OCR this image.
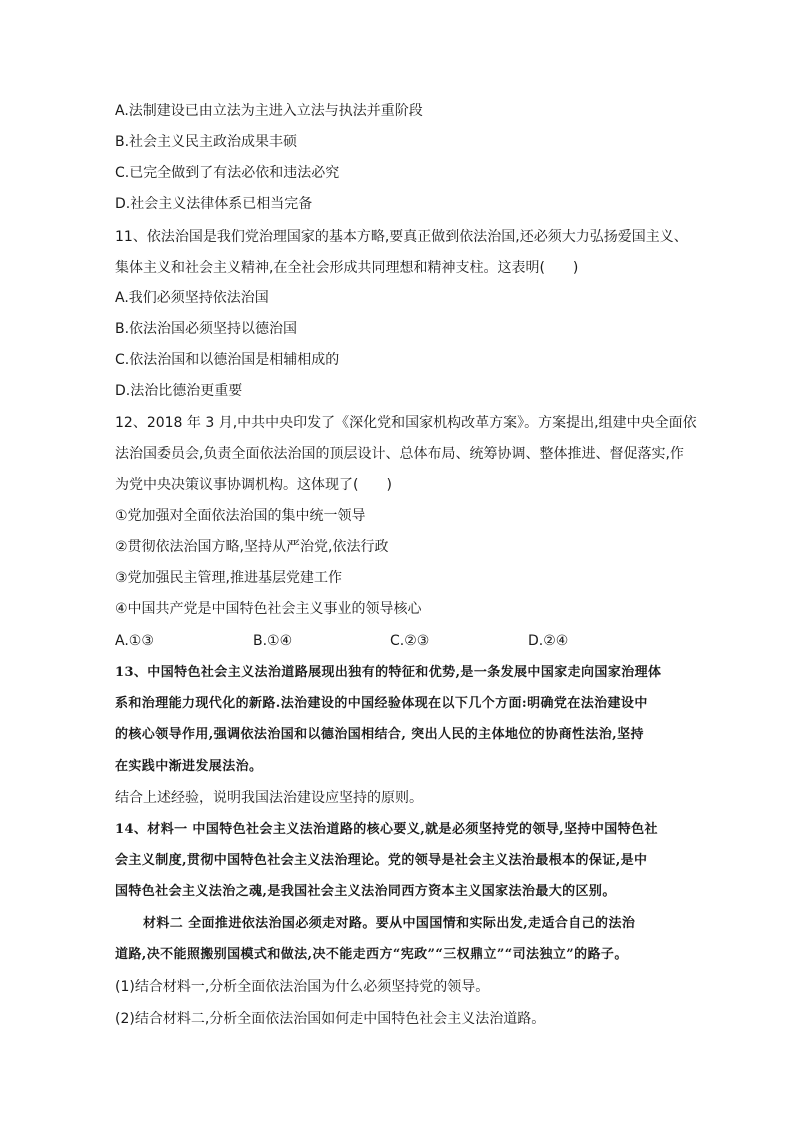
A.法制建设已由立法为主进入立法与执法并重阶段
B.社会主义民主政治成果丰硕
C.已完全做到了有法必依和违法必究
D.社会主义法律体系已相当完备
11、依法治国是我们党治理国家的基本方略,要真正做到依法治国,还必须大力弘扬爱国主义、
集体主义和社会主义精神,在全社会形成共同理想和精神支柱。这表明(　　)
A.我们必须坚持依法治国
B.依法治国必须坚持以德治国
C.依法治国和以德治国是相辅相成的
D.法治比德治更重要
12、2018 年 3 月,中共中央印发了《深化党和国家机构改革方案》。方案提出,组建中央全面依
法治国委员会,负责全面依法治国的顶层设计、总体布局、统筹协调、整体推进、督促落实,作
为党中央决策议事协调机构。这体现了(　　)
①党加强对全面依法治国的集中统一领导
②贯彻依法治国方略,坚持从严治党,依法行政
③党加强民主管理,推进基层党建工作
④中国共产党是中国特色社会主义事业的领导核心
A.①③	B.①④	C.②③	D.②④
13、中国特色社会主义法治道路展现出独有的特征和优势,是一条发展中国家走向国家治理体
系和治理能力现代化的新路.法治建设的中国经验体现在以下几个方面:明确党在法治建设中
的核心领导作用,强调依法治国和以德治国相结合, 突出人民的主体地位的协商性法治,坚持
在实践中渐进发展法治。
结合上述经验，说明我国法治建设应坚持的原则。
14、材料一 中国特色社会主义法治道路的核心要义,就是必须坚持党的领导,坚持中国特色社
会主义制度,贯彻中国特色社会主义法治理论。党的领导是社会主义法治最根本的保证,是中
国特色社会主义法治之魂,是我国社会主义法治同西方资本主义国家法治最大的区别。
材料二 全面推进依法治国必须走对路。要从中国国情和实际出发,走适合自己的法治
道路,决不能照搬别国模式和做法,决不能走西方“宪政”“三权鼎立”“司法独立”的路子。
(1)结合材料一,分析全面依法治国为什么必须坚持党的领导。
(2)结合材料二,分析全面依法治国如何走中国特色社会主义法治道路。
